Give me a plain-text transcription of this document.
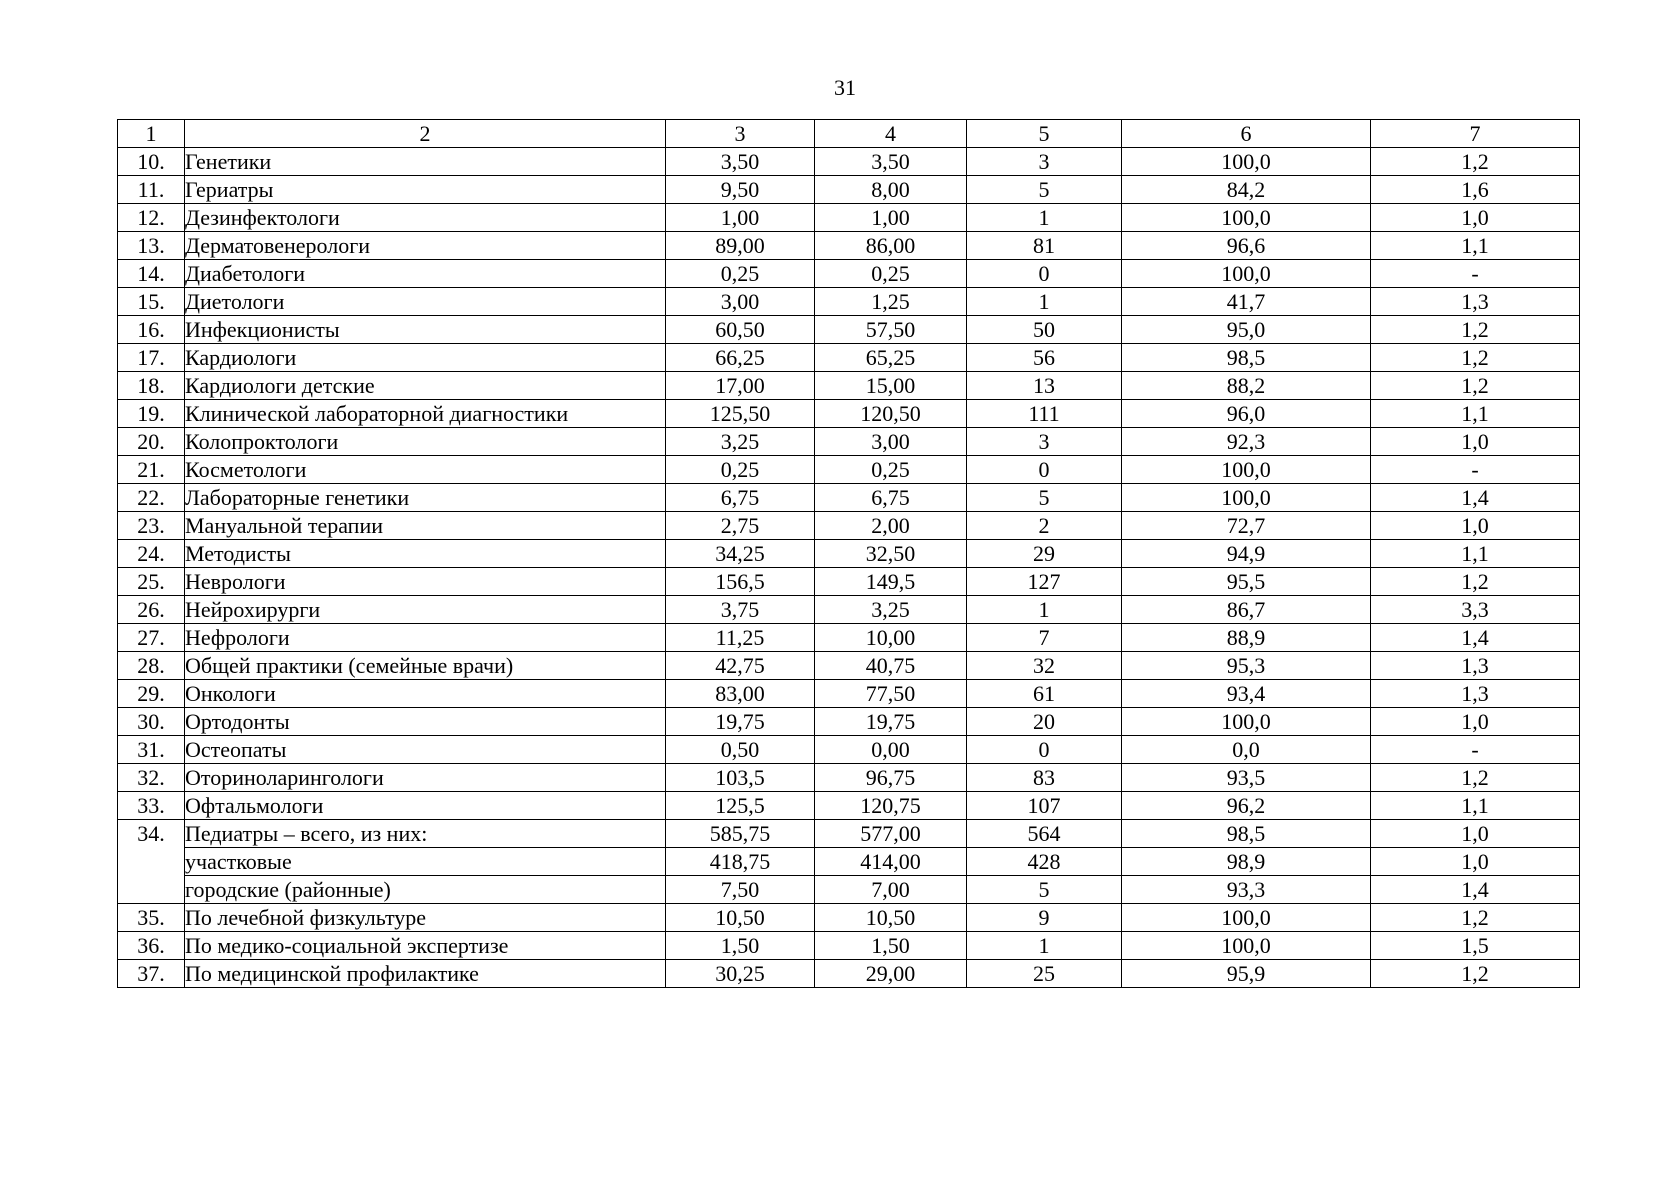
31
1	2	3	4	5	6	7
10.	Генетики	3,50	3,50	3	100,0	1,2
11.	Гериатры	9,50	8,00	5	84,2	1,6
12.	Дезинфектологи	1,00	1,00	1	100,0	1,0
13.	Дерматовенерологи	89,00	86,00	81	96,6	1,1
14.	Диабетологи	0,25	0,25	0	100,0	-
15.	Диетологи	3,00	1,25	1	41,7	1,3
16.	Инфекционисты	60,50	57,50	50	95,0	1,2
17.	Кардиологи	66,25	65,25	56	98,5	1,2
18.	Кардиологи детские	17,00	15,00	13	88,2	1,2
19.	Клинической лабораторной диагностики	125,50	120,50	111	96,0	1,1
20.	Колопроктологи	3,25	3,00	3	92,3	1,0
21.	Косметологи	0,25	0,25	0	100,0	-
22.	Лабораторные генетики	6,75	6,75	5	100,0	1,4
23.	Мануальной терапии	2,75	2,00	2	72,7	1,0
24.	Методисты	34,25	32,50	29	94,9	1,1
25.	Неврологи	156,5	149,5	127	95,5	1,2
26.	Нейрохирурги	3,75	3,25	1	86,7	3,3
27.	Нефрологи	11,25	10,00	7	88,9	1,4
28.	Общей практики (семейные врачи)	42,75	40,75	32	95,3	1,3
29.	Онкологи	83,00	77,50	61	93,4	1,3
30.	Ортодонты	19,75	19,75	20	100,0	1,0
31.	Остеопаты	0,50	0,00	0	0,0	-
32.	Оториноларингологи	103,5	96,75	83	93,5	1,2
33.	Офтальмологи	125,5	120,75	107	96,2	1,1
34.	Педиатры – всего, из них:	585,75	577,00	564	98,5	1,0
	участковые	418,75	414,00	428	98,9	1,0
	городские (районные)	7,50	7,00	5	93,3	1,4
35.	По лечебной физкультуре	10,50	10,50	9	100,0	1,2
36.	По медико-социальной экспертизе	1,50	1,50	1	100,0	1,5
37.	По медицинской профилактике	30,25	29,00	25	95,9	1,2
